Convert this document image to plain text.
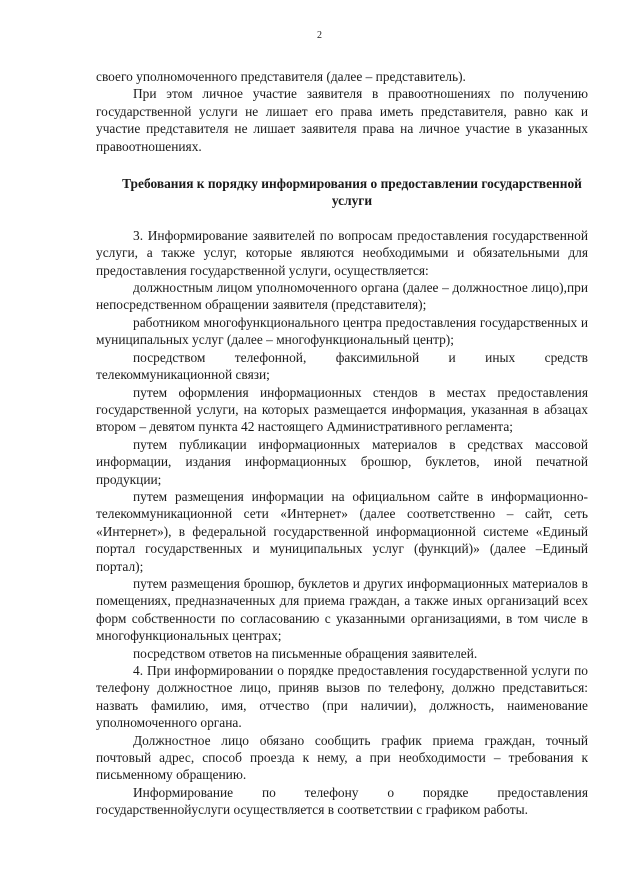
2

своего уполномоченного представителя (далее – представитель).

При этом личное участие заявителя в правоотношениях по получению государственной услуги не лишает его права иметь представителя, равно как и участие представителя не лишает заявителя права на личное участие в указанных правоотношениях.

Требования к порядку информирования о предоставлении государственной услуги

3. Информирование заявителей по вопросам предоставления государственной услуги, а также услуг, которые являются необходимыми и обязательными для предоставления государственной услуги, осуществляется:

должностным лицом уполномоченного органа (далее – должностное лицо),при непосредственном обращении заявителя (представителя);

работником многофункционального центра предоставления государственных и муниципальных услуг (далее – многофункциональный центр);

посредством телефонной, факсимильной и иных средств телекоммуникационной связи;

путем оформления информационных стендов в местах предоставления государственной услуги, на которых размещается информация, указанная в абзацах втором – девятом пункта 42 настоящего Административного регламента;

путем публикации информационных материалов в средствах массовой информации, издания информационных брошюр, буклетов, иной печатной продукции;

путем размещения информации на официальном сайте в информационно- телекоммуникационной сети «Интернет» (далее соответственно – сайт, сеть «Интернет»), в федеральной государственной информационной системе «Единый портал государственных и муниципальных услуг (функций)» (далее –Единый портал);

путем размещения брошюр, буклетов и других информационных материалов в помещениях, предназначенных для приема граждан, а также иных организаций всех форм собственности по согласованию с указанными организациями, в том числе в многофункциональных центрах;

посредством ответов на письменные обращения заявителей.

4. При информировании о порядке предоставления государственной услуги по телефону должностное лицо, приняв вызов по телефону, должно представиться: назвать фамилию, имя, отчество (при наличии), должность, наименование уполномоченного органа.

Должностное лицо обязано сообщить график приема граждан, точный почтовый адрес, способ проезда к нему, а при необходимости – требования к письменному обращению.

Информирование по телефону о порядке предоставления государственнойуслуги осуществляется в соответствии с графиком работы.
